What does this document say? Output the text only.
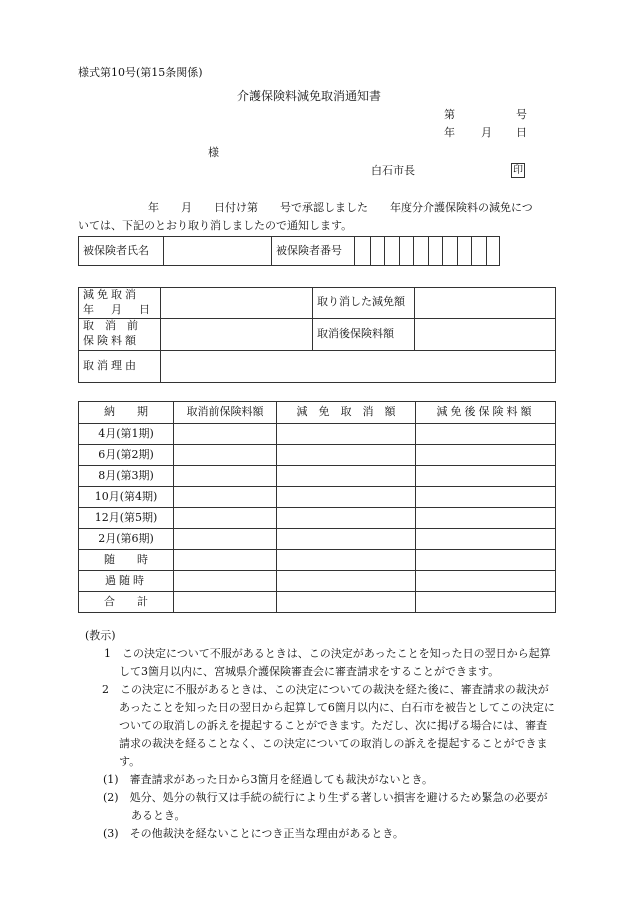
様式第10号(第15条関係)
介護保険料減免取消通知書
第	号
年 月 日
様
白石市長	印
年　　月　　日付け第　　号で承認しました　　年度分介護保険料の減免につ
いては、下記のとおり取り消しましたので通知します。
被保険者氏名		被保険者番号										
減免取消
年　月　日		取り消した減免額	

取　消　前
保険料額		取消後保険料額	
取消理由			
納　　期	取消前保険料額	減　免　取　消　額	減免後保険料額
4月(第1期)			
6月(第2期)			
8月(第3期)			
10月(第4期)			
12月(第5期)			
2月(第6期)			
随　　時			
過随時			
合　　計			

(教示)

1　この決定について不服があるときは、この決定があったことを知った日の翌日から起算して3箇月以内に、宮城県介護保険審査会に審査請求をすることができます。

2　この決定に不服があるときは、この決定についての裁決を経た後に、審査請求の裁決があったことを知った日の翌日から起算して6箇月以内に、白石市を被告としてこの決定についての取消しの訴えを提起することができます。ただし、次に掲げる場合には、審査請求の裁決を経ることなく、この決定についての取消しの訴えを提起することができます。

(1)　審査請求があった日から3箇月を経過しても裁決がないとき。

(2)　処分、処分の執行又は手続の続行により生ずる著しい損害を避けるため緊急の必要があるとき。

(3)　その他裁決を経ないことにつき正当な理由があるとき。
